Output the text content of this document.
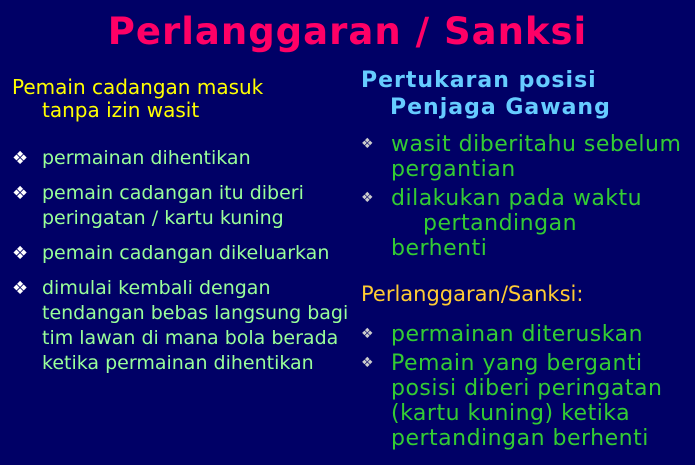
Perlanggaran / Sanksi
Pemain cadangan masuk
tanpa izin wasit
❖ permainan dihentikan
❖ pemain cadangan itu diberi peringatan / kartu kuning
❖ pemain cadangan dikeluarkan
❖ dimulai kembali dengan tendangan bebas langsung bagi tim lawan di mana bola berada ketika permainan dihentikan
Pertukaran posisi
Penjaga Gawang
❖ wasit diberitahu sebelum pergantian
❖ dilakukan pada waktu
pertandingan
berhenti
Perlanggaran/Sanksi:
❖ permainan diteruskan
❖ Pemain yang berganti posisi diberi peringatan (kartu kuning) ketika pertandingan berhenti
